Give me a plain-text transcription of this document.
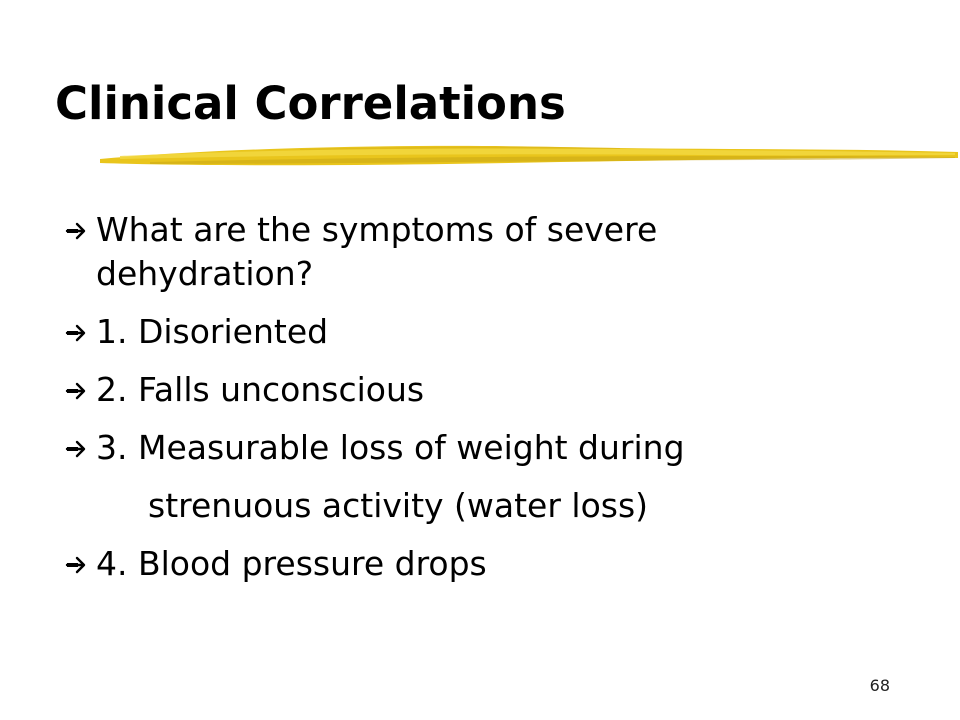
Clinical Correlations
What are the symptoms of severe dehydration?
1. Disoriented
2. Falls unconscious
3. Measurable loss of weight during
strenuous activity (water loss)
4. Blood pressure drops
68
